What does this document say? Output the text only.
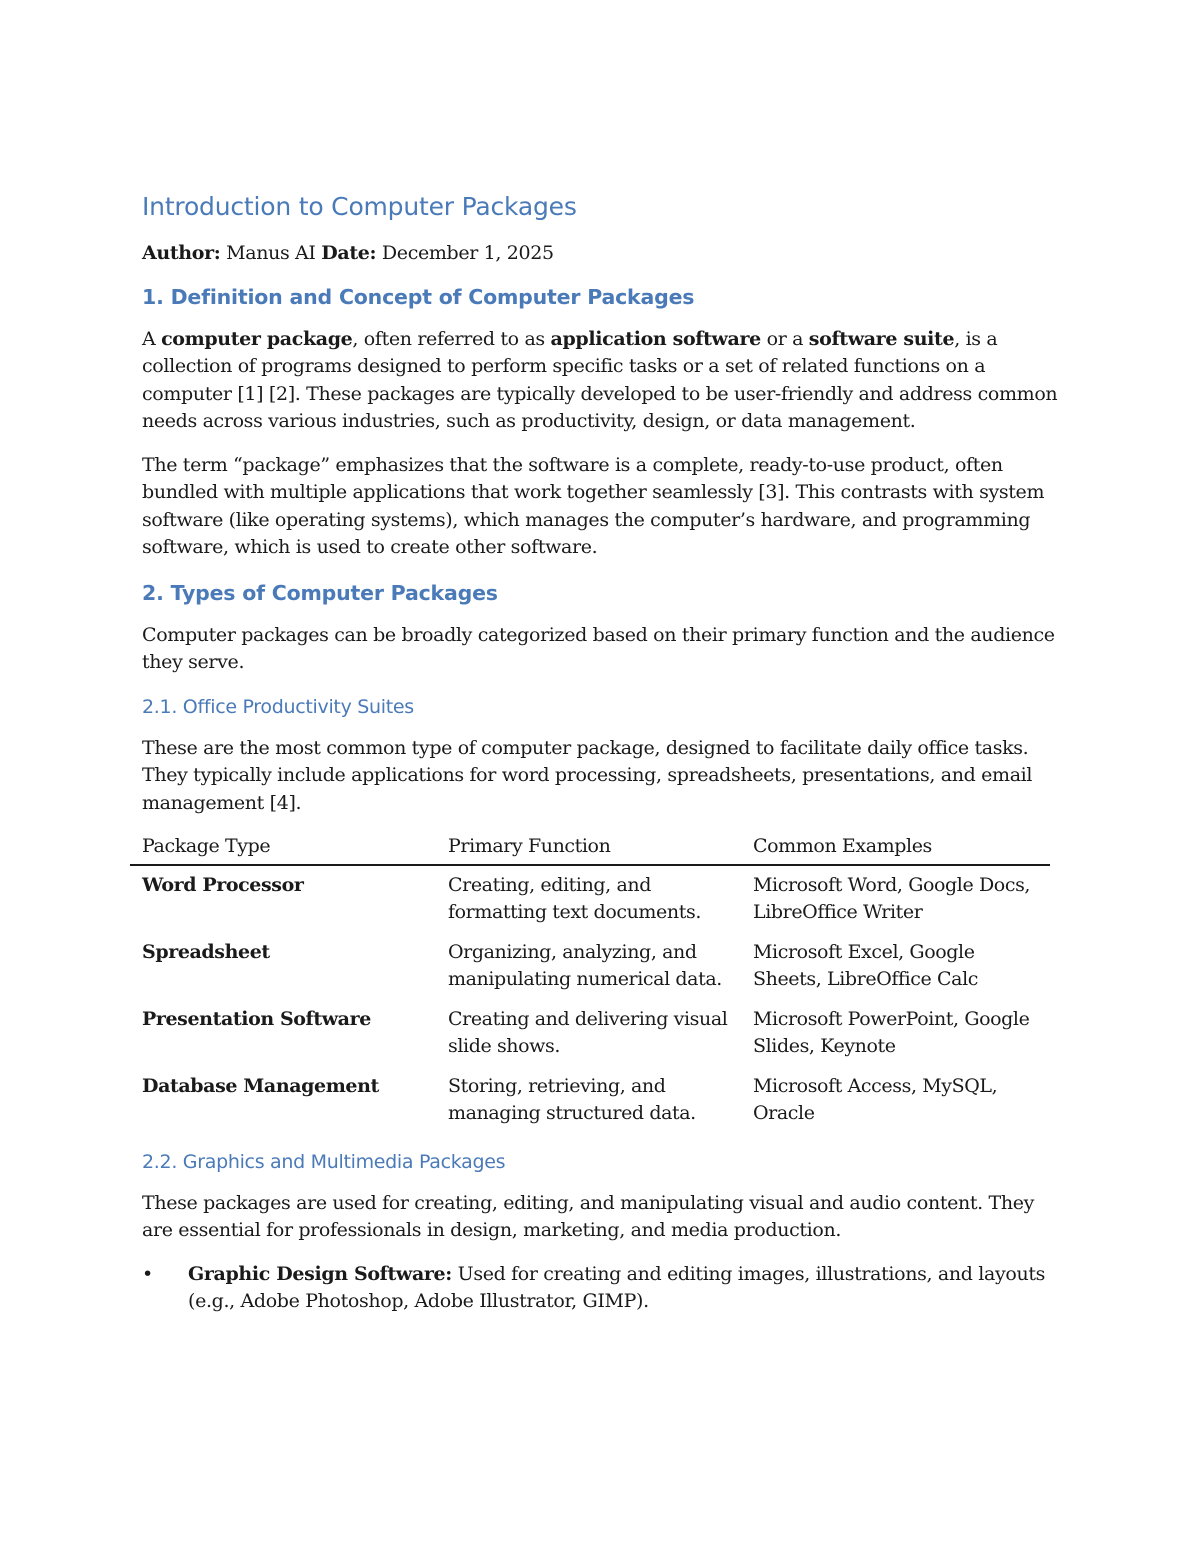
Introduction to Computer Packages

Author: Manus AI Date: December 1, 2025

1. Definition and Concept of Computer Packages

A computer package, often referred to as application software or a software suite, is a collection of programs designed to perform specific tasks or a set of related functions on a computer [1] [2]. These packages are typically developed to be user-friendly and address common needs across various industries, such as productivity, design, or data management.

The term “package” emphasizes that the software is a complete, ready-to-use product, often bundled with multiple applications that work together seamlessly [3]. This contrasts with system software (like operating systems), which manages the computer’s hardware, and programming software, which is used to create other software.

2. Types of Computer Packages

Computer packages can be broadly categorized based on their primary function and the audience they serve.

2.1. Office Productivity Suites

These are the most common type of computer package, designed to facilitate daily office tasks. They typically include applications for word processing, spreadsheets, presentations, and email management [4].

Package Type	Primary Function	Common Examples
Word Processor	Creating, editing, and formatting text documents.	Microsoft Word, Google Docs, LibreOffice Writer
Spreadsheet	Organizing, analyzing, and manipulating numerical data.	Microsoft Excel, Google Sheets, LibreOffice Calc
Presentation Software	Creating and delivering visual slide shows.	Microsoft PowerPoint, Google Slides, Keynote
Database Management	Storing, retrieving, and managing structured data.	Microsoft Access, MySQL, Oracle
2.2. Graphics and Multimedia Packages

These packages are used for creating, editing, and manipulating visual and audio content. They are essential for professionals in design, marketing, and media production.

•	Graphic Design Software: Used for creating and editing images, illustrations, and layouts (e.g., Adobe Photoshop, Adobe Illustrator, GIMP).
